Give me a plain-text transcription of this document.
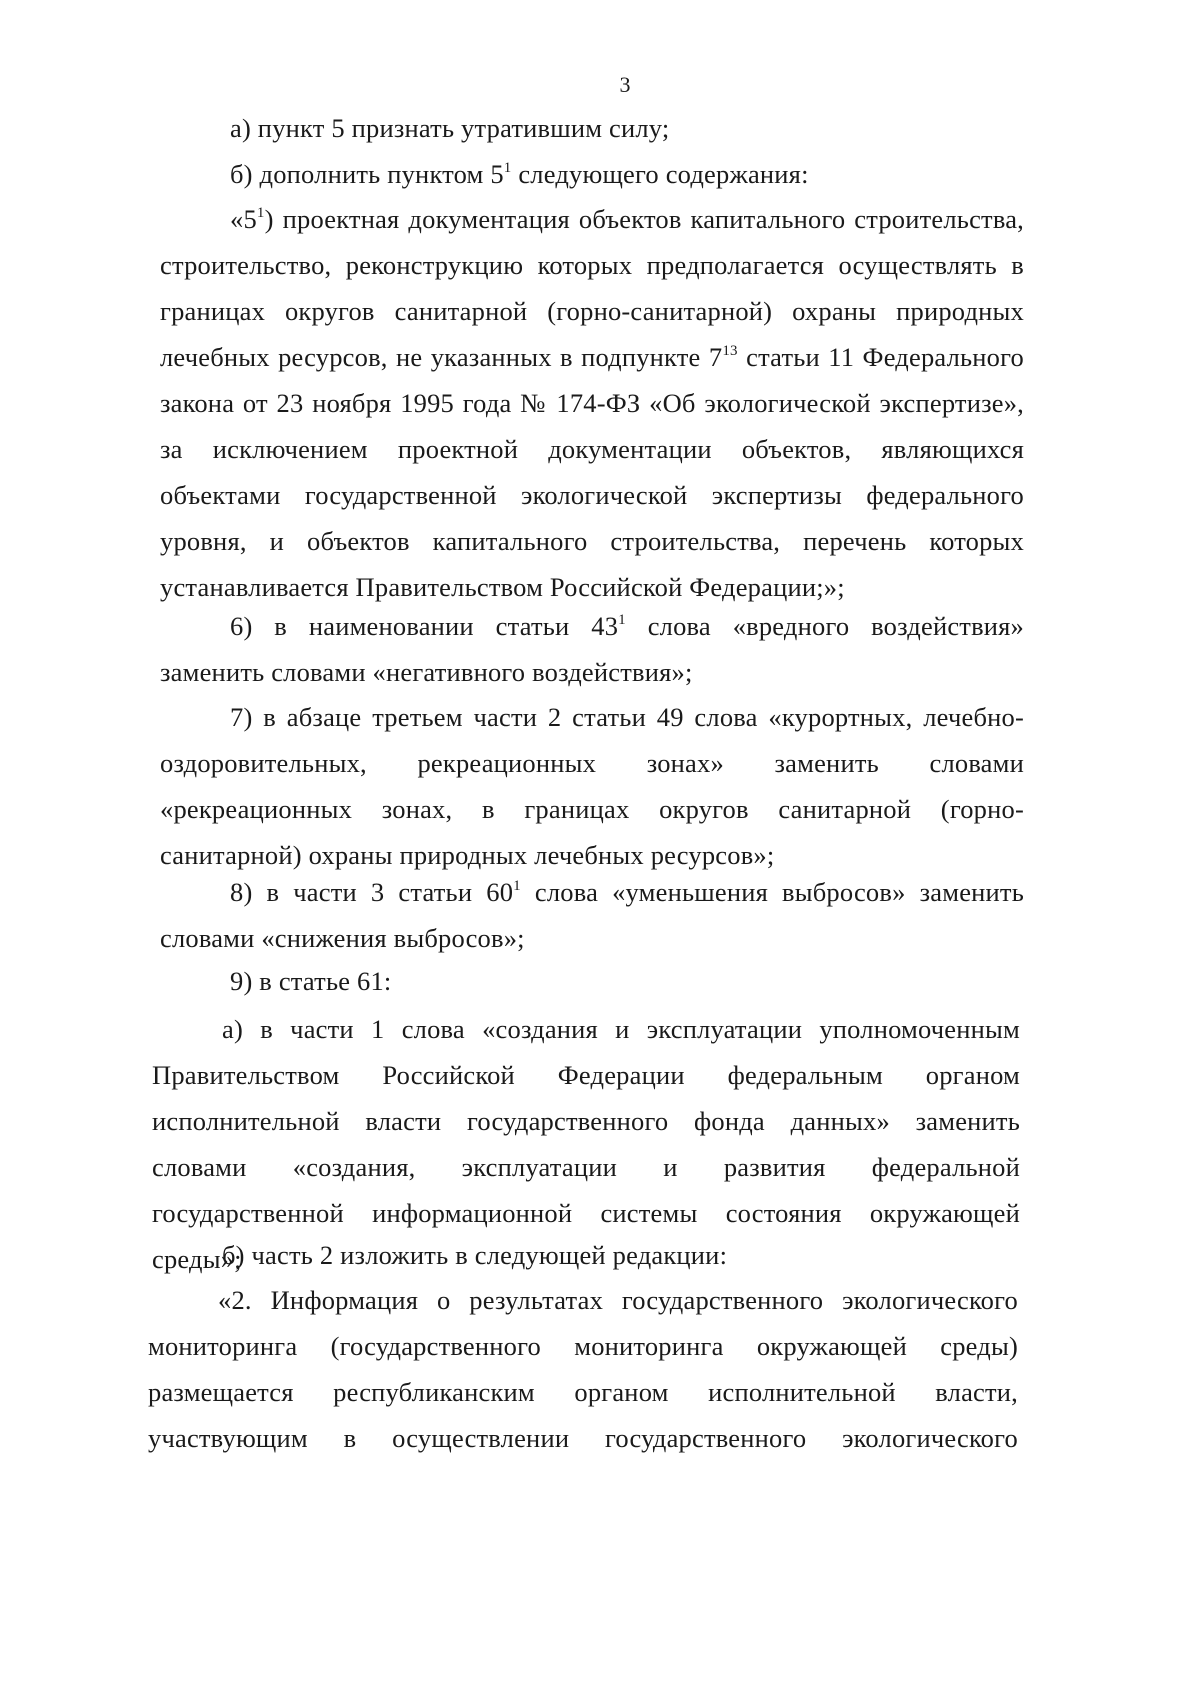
3

а) пункт 5 признать утратившим силу;

б) дополнить пунктом $5^1$ следующего содержания:

«$5^1$) проектная документация объектов капитального строительства, строительство, реконструкцию которых предполагается осуществлять в границах округов санитарной (горно-санитарной) охраны природных лечебных ресурсов, не указанных в подпункте $7^{13}$ статьи 11 Федерального закона от 23 ноября 1995 года № 174-ФЗ «Об экологической экспертизе», за исключением проектной документации объектов, являющихся объектами государственной экологической экспертизы федерального уровня, и объектов капитального строительства, перечень которых устанавливается Правительством Российской Федерации;»;

6) в наименовании статьи $43^1$ слова «вредного воздействия» заменить словами «негативного воздействия»;

7) в абзаце третьем части 2 статьи 49 слова «курортных, лечебно-оздоровительных, рекреационных зонах» заменить словами «рекреационных зонах, в границах округов санитарной (горно-санитарной) охраны природных лечебных ресурсов»;

8) в части 3 статьи $60^1$ слова «уменьшения выбросов» заменить словами «снижения выбросов»;

9) в статье 61:

а) в части 1 слова «создания и эксплуатации уполномоченным Правительством Российской Федерации федеральным органом исполнительной власти государственного фонда данных» заменить словами «создания, эксплуатации и развития федеральной государственной информационной системы состояния окружающей среды»;

б) часть 2 изложить в следующей редакции:

«2. Информация о результатах государственного экологического мониторинга (государственного мониторинга окружающей среды) размещается республиканским органом исполнительной власти, участвующим в осуществлении государственного экологического
